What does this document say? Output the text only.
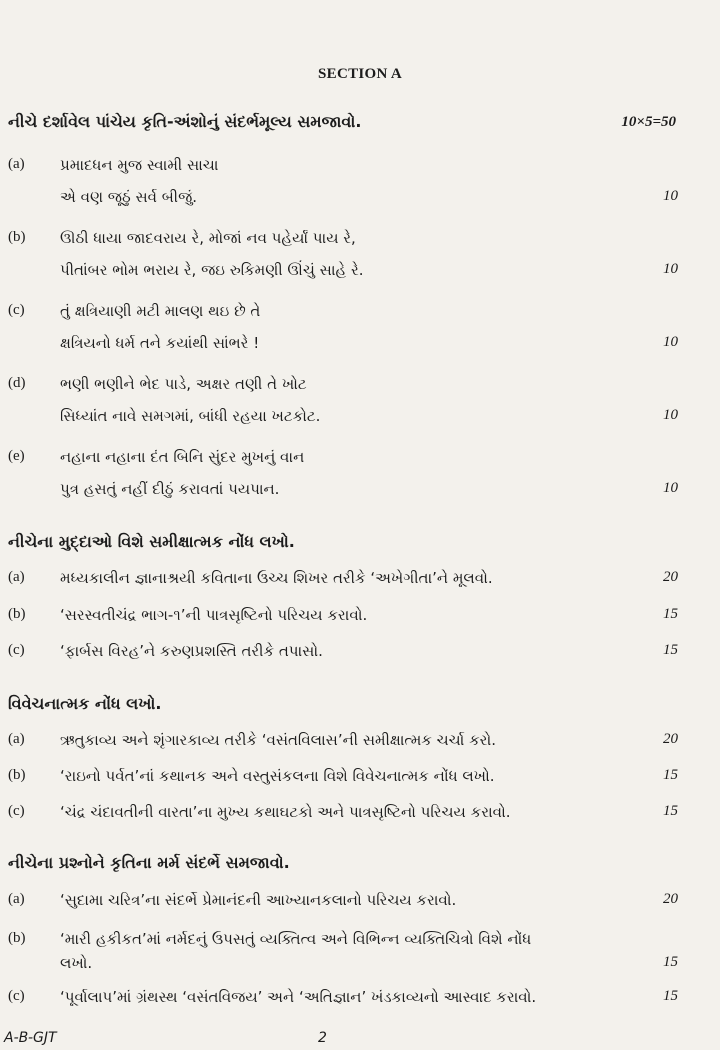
SECTION A
નીચે દર્શાવેલ પાંચેય કૃતિ-અંશોનું સંદર્ભમૂલ્ય સમજાવો.	10×5=50
(a) પ્રમાદધન મુજ સ્વામી સાચા
એ વણ જૂઠું સર્વ બીજું.	10
(b) ઊઠી ધાયા જાદવરાય રે, મોજાં નવ પહેર્યાં પાય રે,
પીતાંબર ભોમ ભરાય રે, જઇ રુકિમણી ઊંચું સાહે રે.	10
(c) તું ક્ષત્રિયાણી મટી માલણ થઇ છે તે
ક્ષત્રિયનો ધર્મ તને કયાંથી સાંભરે !	10
(d) ભણી ભણીને ભેદ પાડે, અક્ષર તણી તે ખોટ
સિધ્યાંત નાવે સમગમાં, બાંધી રહયા ખટકોટ.	10
(e) નહાના નહાના દંત બિનિ સુંદર મુખનું વાન
પુત્ર હસતું નહીં દીઠું કરાવતાં પયપાન.	10
નીચેના મુદ્દાઓ વિશે સમીક્ષાત્મક નોંધ લખો.
(a) મધ્યકાલીન જ્ઞાનાશ્રયી કવિતાના ઉચ્ચ શિખર તરીકે ‘અખેગીતા’ને મૂલવો.	20
(b) ‘સરસ્વતીચંદ્ર ભાગ-૧’ની પાત્રસૃષ્ટિનો પરિચય કરાવો.	15
(c) ‘ફાર્બસ વિરહ’ને કરુણપ્રશસ્તિ તરીકે તપાસો.	15
વિવેચનાત્મક નોંધ લખો.
(a) ઋતુકાવ્ય અને શૃંગારકાવ્ય તરીકે ‘વસંતવિલાસ’ની સમીક્ષાત્મક ચર્ચા કરો.	20
(b) ‘રાઇનો પર્વત’નાં કથાનક અને વસ્તુસંકલના વિશે વિવેચનાત્મક નોંધ લખો.	15
(c) ‘ચંદ્ર ચંદાવતીની વારતા’ના મુખ્ય કથાઘટકો અને પાત્રસૃષ્ટિનો પરિચય કરાવો.	15
નીચેના પ્રશ્નોને કૃતિના મર્મ સંદર્ભે સમજાવો.
(a) ‘સુદામા ચરિત્ર’ના સંદર્ભે પ્રેમાનંદની આખ્યાનકલાનો પરિચય કરાવો.	20
(b) ‘મારી હકીકત’માં નર્મદનું ઉપસતું વ્યક્તિત્વ અને વિભિન્ન વ્યક્તિચિત્રો વિશે નોંધ
લખો.	15
(c) ‘પૂર્વાલાપ’માં ગ્રંથસ્થ ‘વસંતવિજય’ અને ‘અતિજ્ઞાન’ ખંડકાવ્યનો આસ્વાદ કરાવો.	15
A-B-GJT	2
